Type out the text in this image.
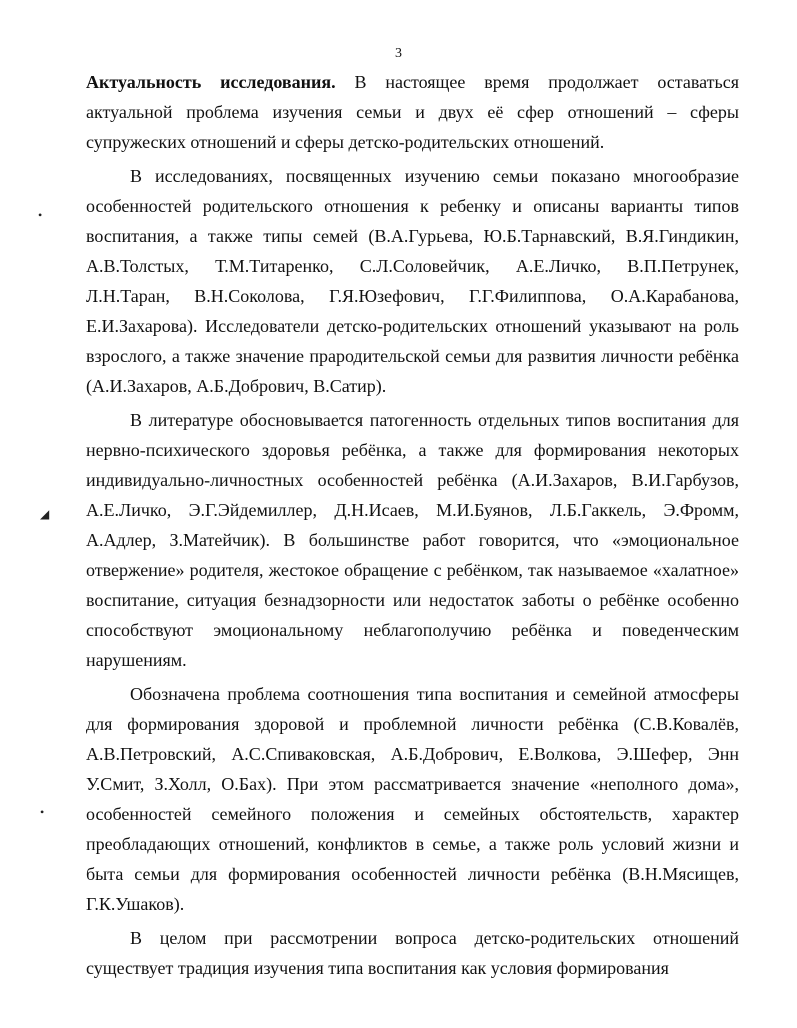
3
•
◢
•

Актуальность исследования. В настоящее время продолжает оставаться актуальной проблема изучения семьи и двух её сфер отношений – сферы супружеских отношений и сферы детско-родительских отношений.

В исследованиях, посвященных изучению семьи показано многообразие особенностей родительского отношения к ребенку и описаны варианты типов воспитания, а также типы семей (В.А.Гурьева, Ю.Б.Тарнавский, В.Я.Гиндикин, А.В.Толстых, Т.М.Титаренко, С.Л.Соловейчик, А.Е.Личко, В.П.Петрунек, Л.Н.Таран, В.Н.Соколова, Г.Я.Юзефович, Г.Г.Филиппова, О.А.Карабанова, Е.И.Захарова). Исследователи детско-родительских отношений указывают на роль взрослого, а также значение прародительской семьи для развития личности ребёнка (А.И.Захаров, А.Б.Добрович, В.Сатир).

В литературе обосновывается патогенность отдельных типов воспитания для нервно-психического здоровья ребёнка, а также для формирования некоторых индивидуально-личностных особенностей ребёнка (А.И.Захаров, В.И.Гарбузов, А.Е.Личко, Э.Г.Эйдемиллер, Д.Н.Исаев, М.И.Буянов, Л.Б.Гаккель, Э.Фромм, А.Адлер, З.Матейчик). В большинстве работ говорится, что «эмоциональное отвержение» родителя, жестокое обращение с ребёнком, так называемое «халатное» воспитание, ситуация безнадзорности или недостаток заботы о ребёнке особенно способствуют эмоциональному неблагополучию ребёнка и поведенческим нарушениям.

Обозначена проблема соотношения типа воспитания и семейной атмосферы для формирования здоровой и проблемной личности ребёнка (С.В.Ковалёв, А.В.Петровский, А.С.Спиваковская, А.Б.Добрович, Е.Волкова, Э.Шефер, Энн У.Смит, З.Холл, О.Бах). При этом рассматривается значение «неполного дома», особенностей семейного положения и семейных обстоятельств, характер преобладающих отношений, конфликтов в семье, а также роль условий жизни и быта семьи для формирования особенностей личности ребёнка (В.Н.Мясищев, Г.К.Ушаков).

В целом при рассмотрении вопроса детско-родительских отношений существует традиция изучения типа воспитания как условия формирования
